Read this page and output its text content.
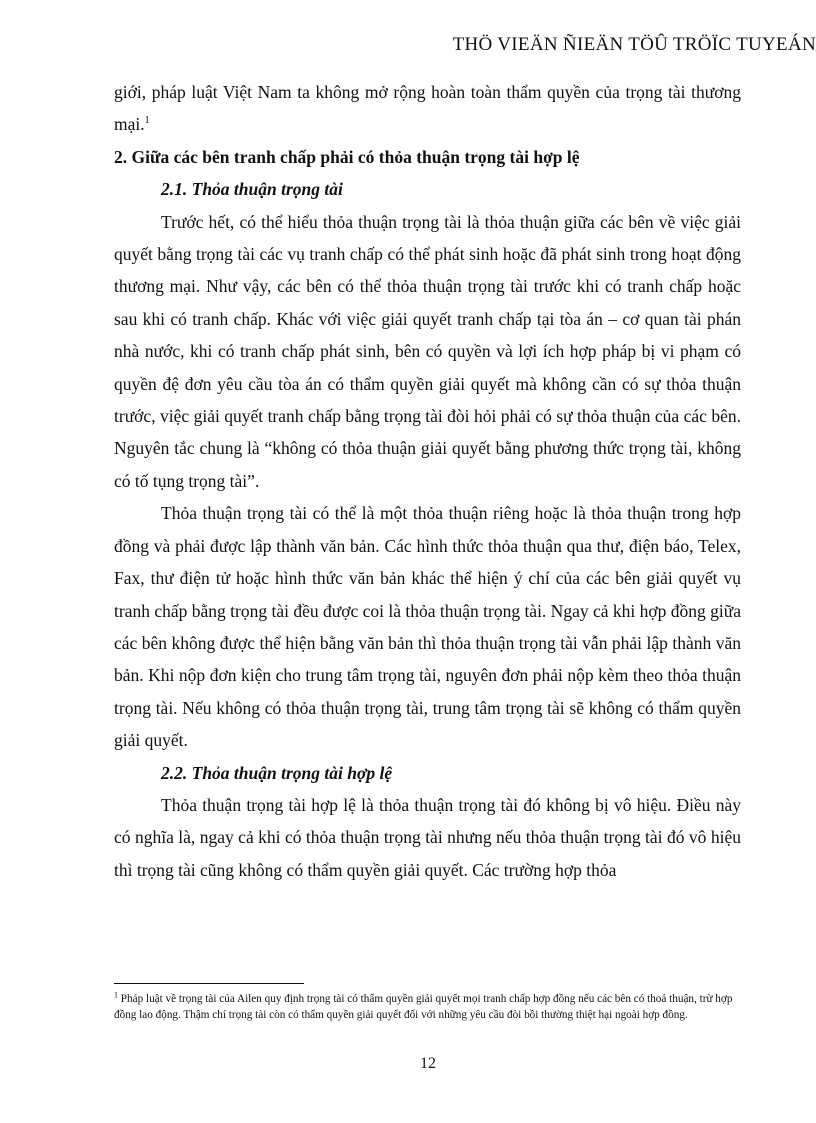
THÖ VIEÄN ÑIEÄN TÖÛ TRÖÏC TUYEÁN

giới, pháp luật Việt Nam ta không mở rộng hoàn toàn thẩm quyền của trọng tài thương mại.$^1$

2. Giữa các bên tranh chấp phải có thỏa thuận trọng tài hợp lệ

2.1. Thỏa thuận trọng tài

Trước hết, có thể hiểu thỏa thuận trọng tài là thỏa thuận giữa các bên về việc giải quyết bằng trọng tài các vụ tranh chấp có thể phát sinh hoặc đã phát sinh trong hoạt động thương mại. Như vậy, các bên có thể thỏa thuận trọng tài trước khi có tranh chấp hoặc sau khi có tranh chấp. Khác với việc giải quyết tranh chấp tại tòa án – cơ quan tài phán nhà nước, khi có tranh chấp phát sinh, bên có quyền và lợi ích hợp pháp bị vi phạm có quyền đệ đơn yêu cầu tòa án có thẩm quyền giải quyết mà không cần có sự thỏa thuận trước, việc giải quyết tranh chấp bằng trọng tài đòi hỏi phải có sự thỏa thuận của các bên. Nguyên tắc chung là “không có thỏa thuận giải quyết bằng phương thức trọng tài, không có tố tụng trọng tài”.

Thỏa thuận trọng tài có thể là một thỏa thuận riêng hoặc là thỏa thuận trong hợp đồng và phải được lập thành văn bản. Các hình thức thỏa thuận qua thư, điện báo, Telex, Fax, thư điện tử hoặc hình thức văn bản khác thể hiện ý chí của các bên giải quyết vụ tranh chấp bằng trọng tài đều được coi là thỏa thuận trọng tài. Ngay cả khi hợp đồng giữa các bên không được thể hiện bằng văn bản thì thỏa thuận trọng tài vẫn phải lập thành văn bản. Khi nộp đơn kiện cho trung tâm trọng tài, nguyên đơn phải nộp kèm theo thỏa thuận trọng tài. Nếu không có thỏa thuận trọng tài, trung tâm trọng tài sẽ không có thẩm quyền giải quyết.

2.2. Thỏa thuận trọng tài hợp lệ

Thỏa thuận trọng tài hợp lệ là thỏa thuận trọng tài đó không bị vô hiệu. Điều này có nghĩa là, ngay cả khi có thỏa thuận trọng tài nhưng nếu thỏa thuận trọng tài đó vô hiệu thì trọng tài cũng không có thẩm quyền giải quyết. Các trường hợp thỏa

$^1$ Pháp luật về trọng tài của Ailen quy định trọng tài có thẩm quyền giải quyết mọi tranh chấp hợp đồng nếu các bên có thoả thuận, trừ hợp đồng lao động. Thậm chí trọng tài còn có thẩm quyền giải quyết đối với những yêu cầu đòi bồi thường thiệt hại ngoài hợp đồng.
12
